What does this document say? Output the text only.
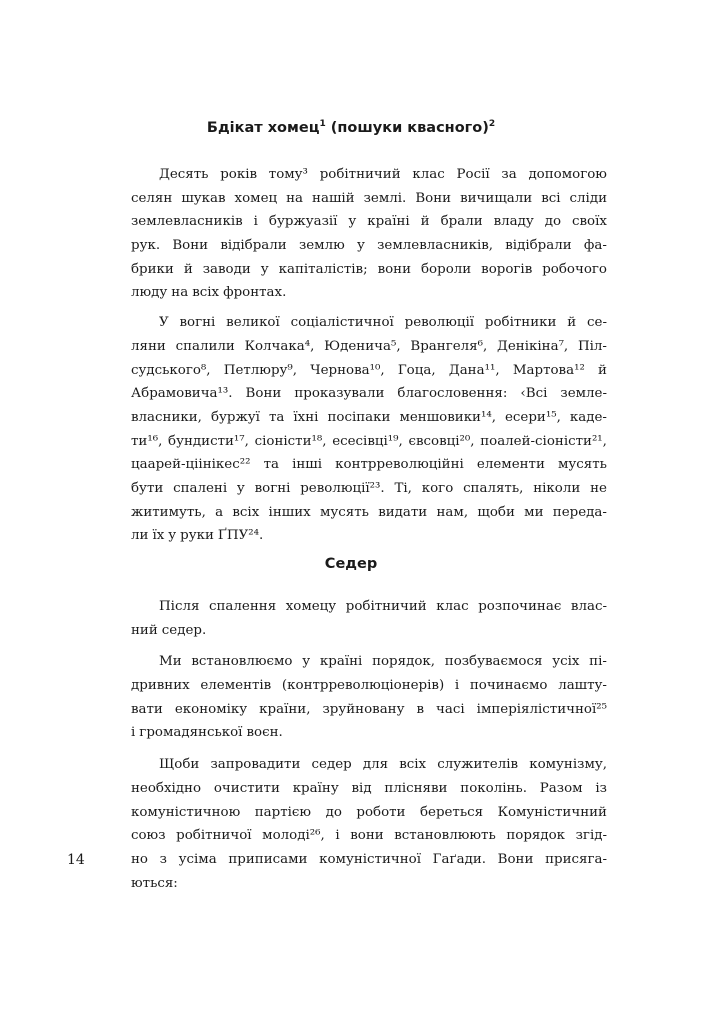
Бдікат хомец$^1$ (пошуки квасного)$^2$
Десять років тому³ робітничий клас Росії за допомогою
селян шукав хомец на нашій землі. Вони вичищали всі сліди
землевласників і буржуазії у країні й брали владу до своїх
рук. Вони відібрали землю у землевласників, відібрали фа-
брики й заводи у капіталістів; вони бороли ворогів робочого
люду на всіх фронтах.
У вогні великої соціалістичної революції робітники й се-
ляни спалили Колчака⁴, Юденича⁵, Врангеля⁶, Денікіна⁷, Піл-
судського⁸, Петлюру⁹, Чернова¹⁰, Гоца, Дана¹¹, Мартова¹² й
Абрамовича¹³. Вони проказували благословення: ‹Всі земле-
власники, буржуї та їхні посіпаки меншовики¹⁴, есери¹⁵, каде-
ти¹⁶, бундисти¹⁷, сіоністи¹⁸, есесівці¹⁹, євсовці²⁰, поалей-сіоністи²¹,
цаарей-ціінікес²² та інші контрреволюційні елементи мусять
бути спалені у вогні революції²³. Ті, кого спалять, ніколи не
житимуть, а всіх інших мусять видати нам, щоби ми переда-
ли їх у руки ҐПУ²⁴.
Седер
Після спалення хомецу робітничий клас розпочинає влас-
ний седер.
Ми встановлюємо у країні порядок, позбуваємося усіх пі-
дривних елементів (контрреволюціонерів) і починаємо лашту-
вати економіку країни, зруйновану в часі імперіялістичної²⁵
і громадянської воєн.
Щоби запровадити седер для всіх служителів комунізму,
необхідно очистити країну від плісняви поколінь. Разом із
комуністичною партією до роботи береться Комуністичний
союз робітничої молоді²⁶, і вони встановлюють порядок згід-
но з усіма приписами комуністичної Гаґади. Вони присяга-
ються:
14
